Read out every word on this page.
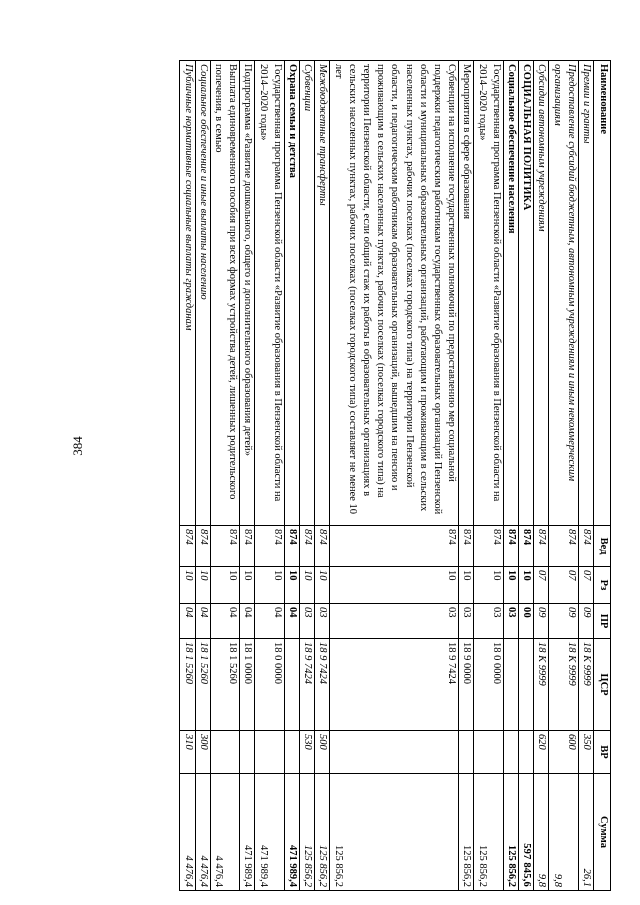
384
Наименование	Вед	Рз	ПР	ЦСР	ВР	Сумма
Премии и гранты	874	07	09	18 К 9999	350	26,1
Предоставление субсидий бюджетным, автономным учреждениям и иным некоммерческим организациям	874	07	09	18 К 9999	600	9,8
Субсидии автономным учреждениям	874	07	09	18 К 9999	620	9,8
СОЦИАЛЬНАЯ ПОЛИТИКА	874	10	00			597 845,6
Социальное обеспечение населения	874	10	03			125 856,2
Государственная программа Пензенской области «Развитие образования в Пензенской области на 2014–2020 годы»	874	10	03	18 0 0000		125 856,2
Мероприятия в сфере образования	874	10	03	18 9 0000		125 856,2
Субвенции на исполнение государственных полномочий по предоставлению мер социальной поддержки педагогическим работникам государственных образовательных организаций Пензенской области и муниципальных образовательных организаций, работающим и проживающим в сельских населенных пунктах, рабочих поселках (поселках городского типа) на территории Пензенской области, и педагогическим работникам образовательных организаций, вышедшим на пенсию и проживающим в сельских населенных пунктах, рабочих поселках (поселках городского типа) на территории Пензенской области, если общий стаж их работы в образовательных организациях в сельских населенных пунктах, рабочих поселках (поселках городского типа) составляет не менее 10 лет	874	10	03	18 9 7424		125 856,2
Межбюджетные трансферты	874	10	03	18 9 7424	500	125 856,2
Субвенции	874	10	03	18 9 7424	530	125 856,2
Охрана семьи и детства	874	10	04			471 989,4
Государственная программа Пензенской области «Развитие образования в Пензенской области на 2014–2020 годы»	874	10	04	18 0 0000		471 989,4
Подпрограмма «Развитие дошкольного, общего и дополнительного образования детей»	874	10	04	18 1 0000		471 989,4
Выплата единовременного пособия при всех формах устройства детей, лишенных родительского попечения, в семью	874	10	04	18 1 5260		4 476,4
Социальное обеспечение и иные выплаты населению	874	10	04	18 1 5260	300	4 476,4
Публичные нормативные социальные выплаты гражданам	874	10	04	18 1 5260	310	4 476,4
